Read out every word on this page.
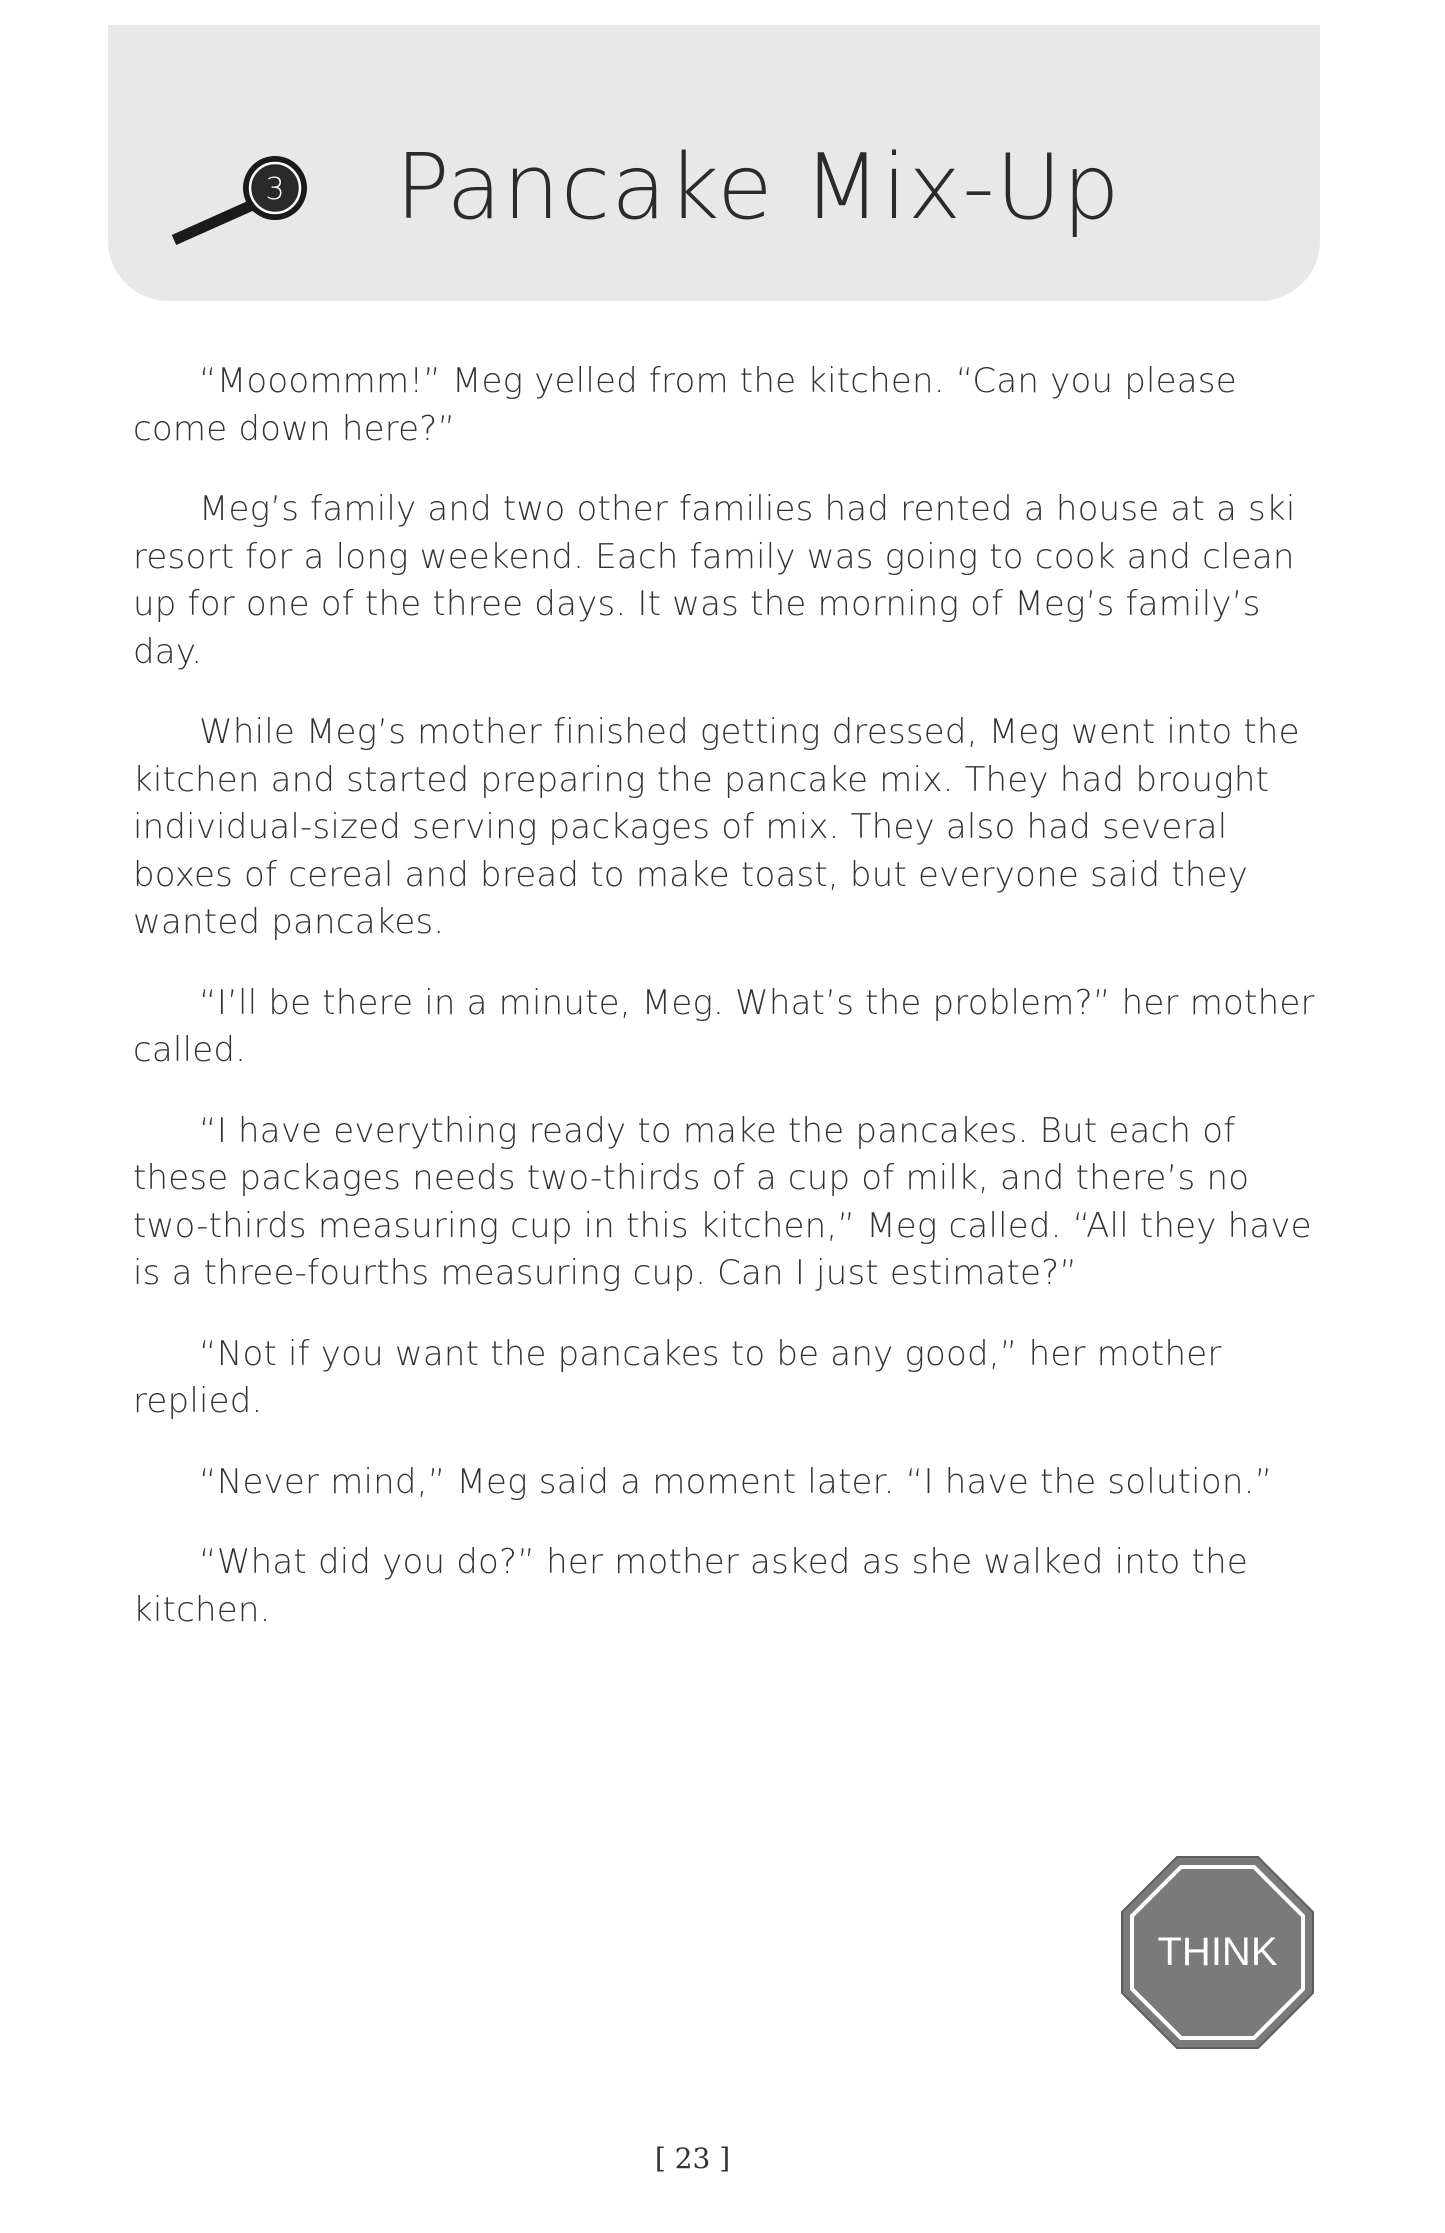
3	Pancake Mix-Up

“Mooommm!” Meg yelled from the kitchen. “Can you please come down here?”

Meg’s family and two other families had rented a house at a ski resort for a long weekend. Each family was going to cook and clean up for one of the three days. It was the morning of Meg’s family’s day.

While Meg’s mother finished getting dressed, Meg went into the kitchen and started preparing the pancake mix. They had brought individual-sized serving packages of mix. They also had several boxes of cereal and bread to make toast, but everyone said they wanted pancakes.

“I’ll be there in a minute, Meg. What’s the problem?” her mother called.

“I have everything ready to make the pancakes. But each of these packages needs two-thirds of a cup of milk, and there’s no two-thirds measuring cup in this kitchen,” Meg called. “All they have is a three-fourths measuring cup. Can I just estimate?”

“Not if you want the pancakes to be any good,” her mother replied.

“Never mind,” Meg said a moment later. “I have the solution.”

“What did you do?” her mother asked as she walked into the kitchen.

THINK
[ 23 ]
